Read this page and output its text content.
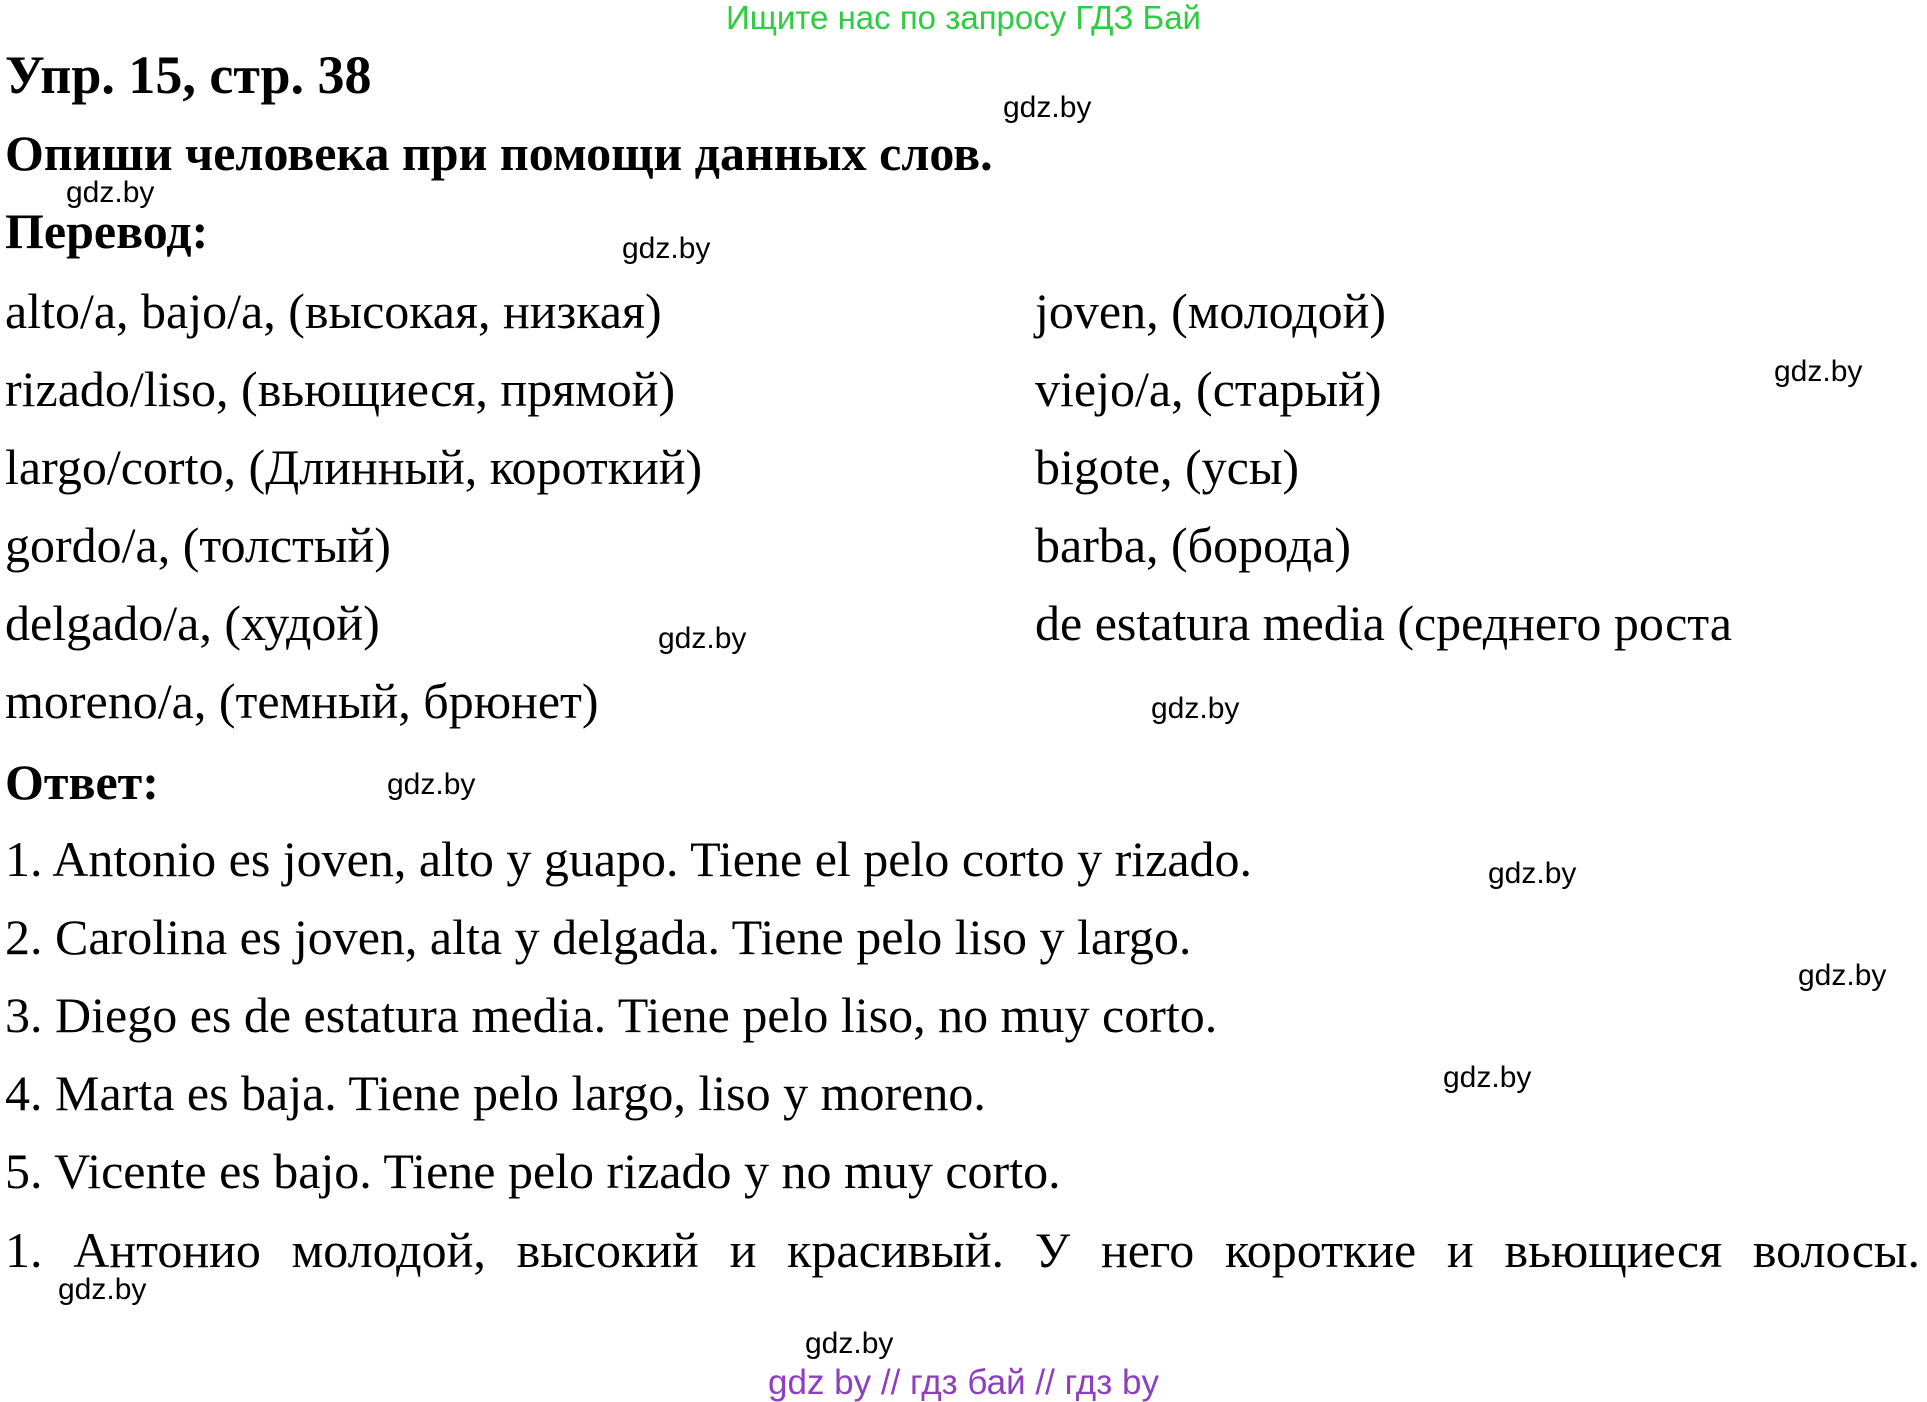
Ищите нас по запросу ГДЗ Бай
Упр. 15, стр. 38
Опиши человека при помощи данных слов.
Перевод:
alto/a, bajo/a, (высокая, низкая)
rizado/liso, (вьющиеся, прямой)
largo/corto, (Длинный, короткий)
gordo/a, (толстый)
delgado/a, (худой)
moreno/a, (темный, брюнет)
joven, (молодой)
viejo/a, (старый)
bigote, (усы)
barba, (борода)
de estatura media (среднего роста
Ответ:
1. Antonio es joven, alto y guapo. Tiene el pelo corto y rizado.
2. Carolina es joven, alta y delgada. Tiene pelo liso y largo.
3. Diego es de estatura media. Tiene pelo liso, no muy corto.
4. Marta es baja. Tiene pelo largo, liso y moreno.
5. Vicente es bajo. Tiene pelo rizado y no muy corto.
1. Антонио молодой, высокий и красивый. У него короткие и вьющиеся волосы.
gdz.by
gdz.by
gdz.by
gdz.by
gdz.by
gdz.by
gdz.by
gdz.by
gdz.by
gdz.by
gdz.by
gdz.by
gdz by // гдз бай // гдз by
